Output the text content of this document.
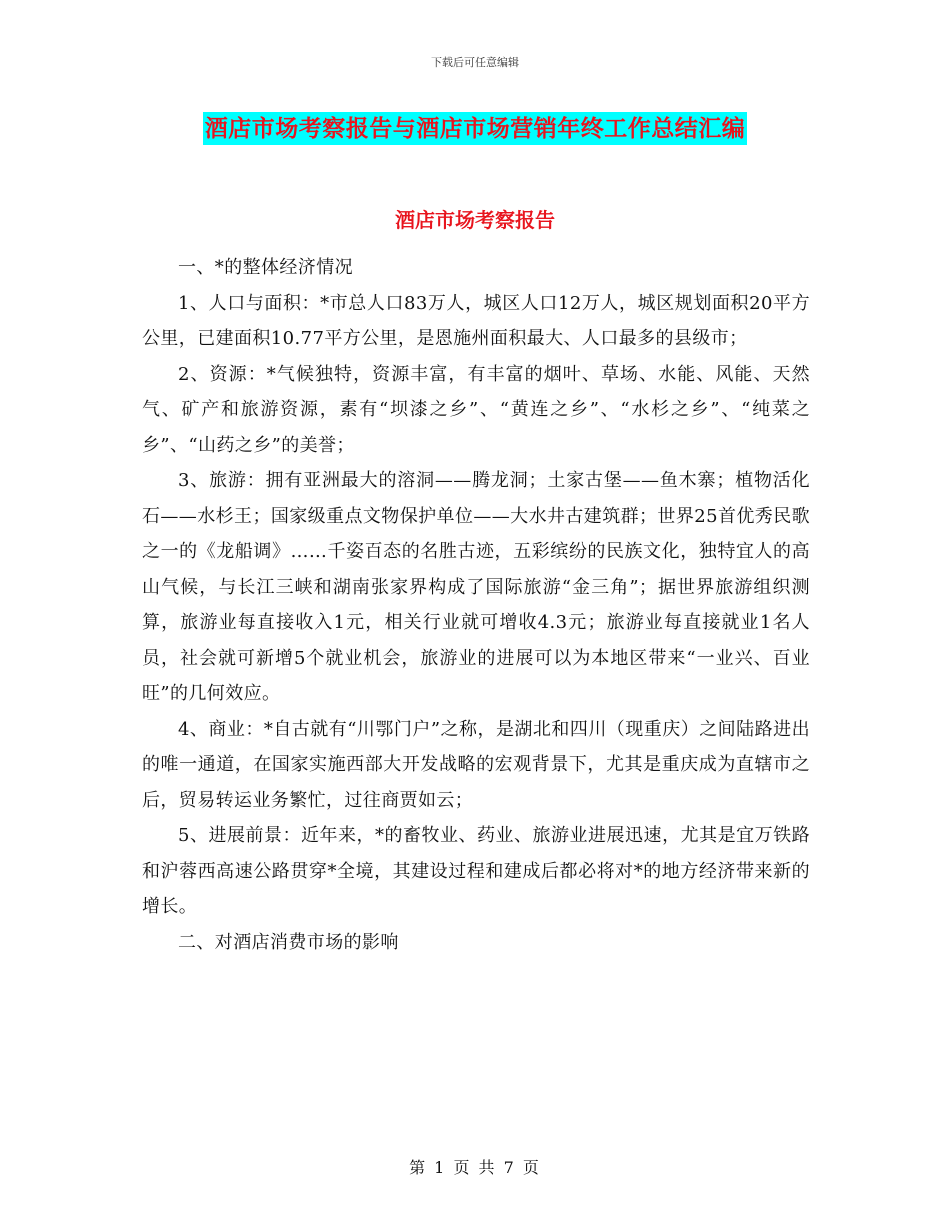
下载后可任意编辑
酒店市场考察报告与酒店市场营销年终工作总结汇编
酒店市场考察报告

一、*的整体经济情况

1、人口与面积：*市总人口83万人，城区人口12万人，城区规划面积20平方公里，已建面积10.77平方公里，是恩施州面积最大、人口最多的县级市；

2、资源：*气候独特，资源丰富，有丰富的烟叶、草场、水能、风能、天然气、矿产和旅游资源，素有“坝漆之乡”、“黄连之乡”、“水杉之乡”、“纯菜之乡”、“山药之乡”的美誉；

3、旅游：拥有亚洲最大的溶洞——腾龙洞；土家古堡——鱼木寨；植物活化石——水杉王；国家级重点文物保护单位——大水井古建筑群；世界25首优秀民歌之一的《龙船调》……千姿百态的名胜古迹，五彩缤纷的民族文化，独特宜人的高山气候，与长江三峡和湖南张家界构成了国际旅游“金三角”；据世界旅游组织测算，旅游业每直接收入1元，相关行业就可增收4.3元；旅游业每直接就业1名人员，社会就可新增5个就业机会，旅游业的进展可以为本地区带来“一业兴、百业旺”的几何效应。

4、商业：*自古就有“川鄂门户”之称，是湖北和四川（现重庆）之间陆路进出的唯一通道，在国家实施西部大开发战略的宏观背景下，尤其是重庆成为直辖市之后，贸易转运业务繁忙，过往商贾如云；

5、进展前景：近年来，*的畜牧业、药业、旅游业进展迅速，尤其是宜万铁路和沪蓉西高速公路贯穿*全境，其建设过程和建成后都必将对*的地方经济带来新的增长。

二、对酒店消费市场的影响

第 1 页 共 7 页
